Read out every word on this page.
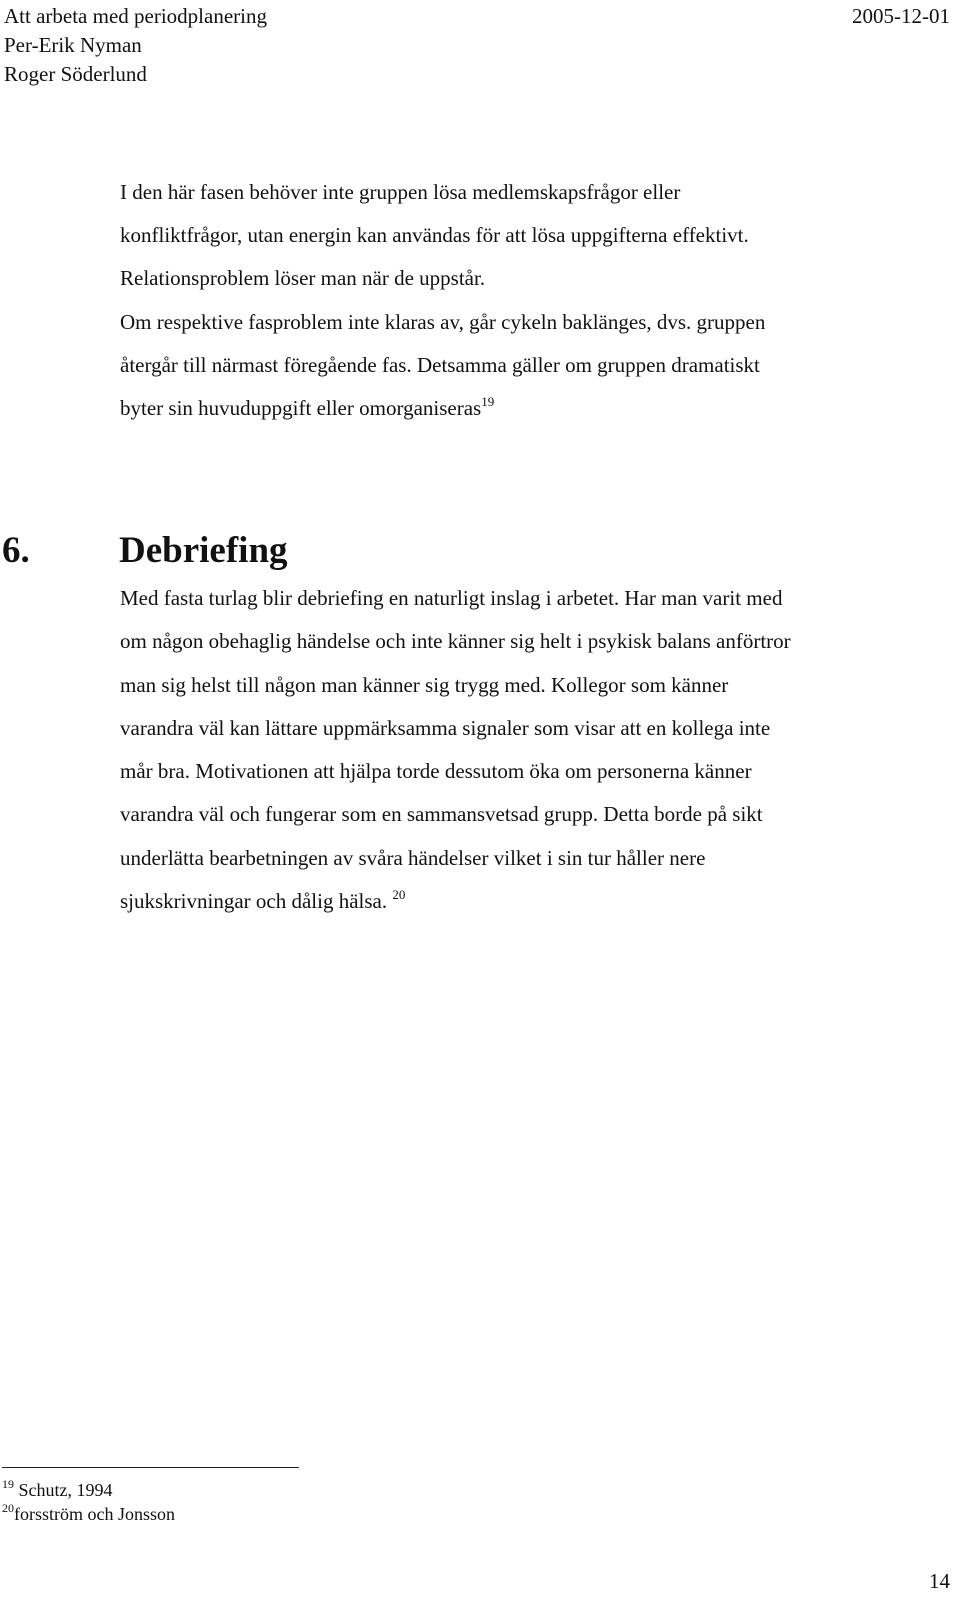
Att arbeta med periodplanering
Per-Erik Nyman
Roger Söderlund
2005-12-01
I den här fasen behöver inte gruppen lösa medlemskapsfrågor eller
konfliktfrågor, utan energin kan användas för att lösa uppgifterna effektivt.
Relationsproblem löser man när de uppstår.
Om respektive fasproblem inte klaras av, går cykeln baklänges, dvs. gruppen
återgår till närmast föregående fas. Detsamma gäller om gruppen dramatiskt
byter sin huvuduppgift eller omorganiseras$^{19}$
6. Debriefing
Med fasta turlag blir debriefing en naturligt inslag i arbetet. Har man varit med
om någon obehaglig händelse och inte känner sig helt i psykisk balans anförtror
man sig helst till någon man känner sig trygg med. Kollegor som känner
varandra väl kan lättare uppmärksamma signaler som visar att en kollega inte
mår bra. Motivationen att hjälpa torde dessutom öka om personerna känner
varandra väl och fungerar som en sammansvetsad grupp. Detta borde på sikt
underlätta bearbetningen av svåra händelser vilket i sin tur håller nere
sjukskrivningar och dålig hälsa. $^{20}$
$^{19}$ Schutz, 1994
$^{20}$forsström och Jonsson
14
